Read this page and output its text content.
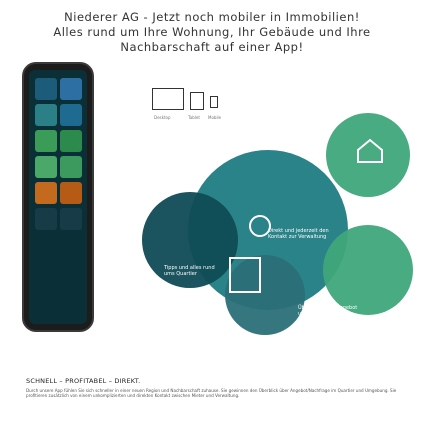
Niederer AG - Jetzt noch mobiler in Immobilien!
Alles rund um Ihre Wohnung, Ihr Gebäude und Ihre
Nachbarschaft auf einer App!
Desktop	Tablet Mobile
Direkt und jederzeit den Kontakt zur Verwaltung
Tipps und alles rund ums Quartier
Überblick über Angebot und Nachfrage
SCHNELL – PROFITABEL – DIREKT.
Durch unsere App fühlen Sie sich schneller in einer neuen Region und Nachbarschaft zuhause. Sie gewinnen den Überblick über Angebot/Nachfrage im Quartier und Umgebung. Sie profitieren zusätzlich von einem unkomplizierten und direkten Kontakt zwischen Mieter und Verwaltung.
